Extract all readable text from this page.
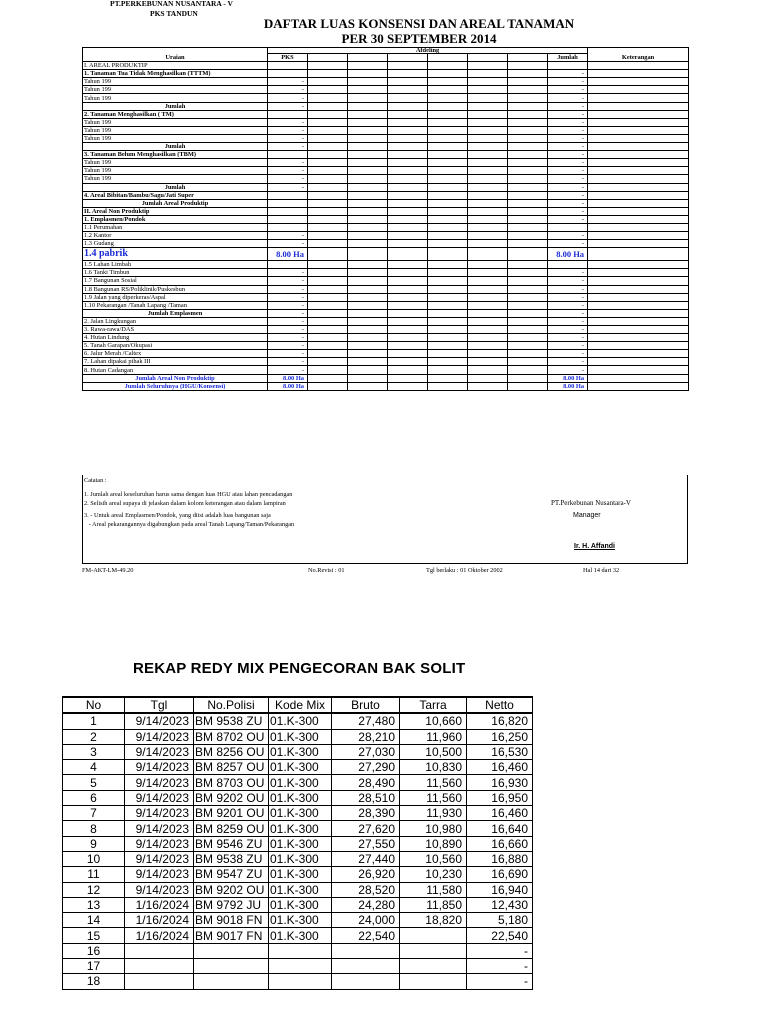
PT.PERKEBUNAN NUSANTARA - V
PKS TANDUN
DAFTAR LUAS KONSENSI DAN AREAL TANAMAN
PER 30 SEPTEMBER 2014
Uraian	Afdeling								Keterangan
	PKS							Jumlah	
I. AREAL PRODUKTIP									
1. Tanaman Tua Tidak Menghasilkan (TTTM)								-	
Tahun 199	-							-	
Tahun 199	-							-	
Tahun 199	-							-	
Jumlah	-							-	
2. Tanaman Menghasilkan ( TM)								-	
Tahun 199	-							-	
Tahun 199	-							-	
Tahun 199	-							-	
Jumlah	-							-	
3. Tanaman Belum Menghasilkan (TBM)								-	
Tahun 199	-							-	
Tahun 199	-							-	
Tahun 199	-							-	
Jumlah	-							-	
4. Areal Bibitan/Bambu/Sagu/Jati Super								-	
Jumlah Areal Produktip								-	
II. Areal Non Produktip								-	
1. Emplasmen/Pondok								-	
1.1 Perumahan									
1.2 Kantor	-							-	
1.3 Gudang	-							-	
1.4 pabrik	8.00 Ha							8.00 Ha	
1.5 Lahan Limbah									
1.6 Tanki Timbun	-							-	
1.7 Bangunan Sosial	-							-	
1.8 Bangunan RS/Poliklinik/Puskesbun	-							-	
1.9 Jalan yang diperkeras/Aspal	-							-	
1.10 Pekarangan /Tanah Lapang /Taman	-							-	
Jumlah Emplasmen	-							-	
2. Jalan Lingkungan	-							-	
3. Rawa-rawa/DAS	-							-	
4. Hutan Lindung	-							-	
5. Tanah Garapan/Okupasi	-							-	
6. Jalur Merah /Caltex	-							-	
7. Lahan dipakai pihak III	-							-	
8. Hutan Cadangan	-							-	
Jumlah Areal Non Produktip	8.00 Ha							8.00 Ha	
Jumlah Seluruhnya (HGU/Konsensi)	8.00 Ha							8.00 Ha	
Catatan :
1. Jumlah areal keseluruhan harus sama dengan luas HGU atau lahan pencadangan
2. Selisih areal supaya di jelaskan dalam kolom keterangan atau dalam lampiran
3. - Untuk areal Emplasmen/Pondok, yang diisi adalah luas bangunan saja
- Areal pekarangannya digabungkan pada areal Tanah Lapang/Taman/Pekarangan
PT.Perkebunan Nusantara-V
Manager
Ir. H. Affandi
FM-AKT-LM-49.20	No.Revisi : 01	Tgl berlaku : 01 Oktober 2002	Hal 14 dari 32
REKAP REDY MIX PENGECORAN BAK SOLIT
No	Tgl	No.Polisi	Kode Mix	Bruto	Tarra	Netto
1	9/14/2023	BM 9538 ZU	01.K-300	27,480	10,660	16,820
2	9/14/2023	BM 8702 OU	01.K-300	28,210	11,960	16,250
3	9/14/2023	BM 8256 OU	01.K-300	27,030	10,500	16,530
4	9/14/2023	BM 8257 OU	01.K-300	27,290	10,830	16,460
5	9/14/2023	BM 8703 OU	01.K-300	28,490	11,560	16,930
6	9/14/2023	BM 9202 OU	01.K-300	28,510	11,560	16,950
7	9/14/2023	BM 9201 OU	01.K-300	28,390	11,930	16,460
8	9/14/2023	BM 8259 OU	01.K-300	27,620	10,980	16,640
9	9/14/2023	BM 9546 ZU	01.K-300	27,550	10,890	16,660
10	9/14/2023	BM 9538 ZU	01.K-300	27,440	10,560	16,880
11	9/14/2023	BM 9547 ZU	01.K-300	26,920	10,230	16,690
12	9/14/2023	BM 9202 OU	01.K-300	28,520	11,580	16,940
13	1/16/2024	BM 9792 JU	01.K-300	24,280	11,850	12,430
14	1/16/2024	BM 9018 FN	01.K-300	24,000	18,820	5,180
15	1/16/2024	BM 9017 FN	01.K-300	22,540		22,540
16						-
17						-
18						-
